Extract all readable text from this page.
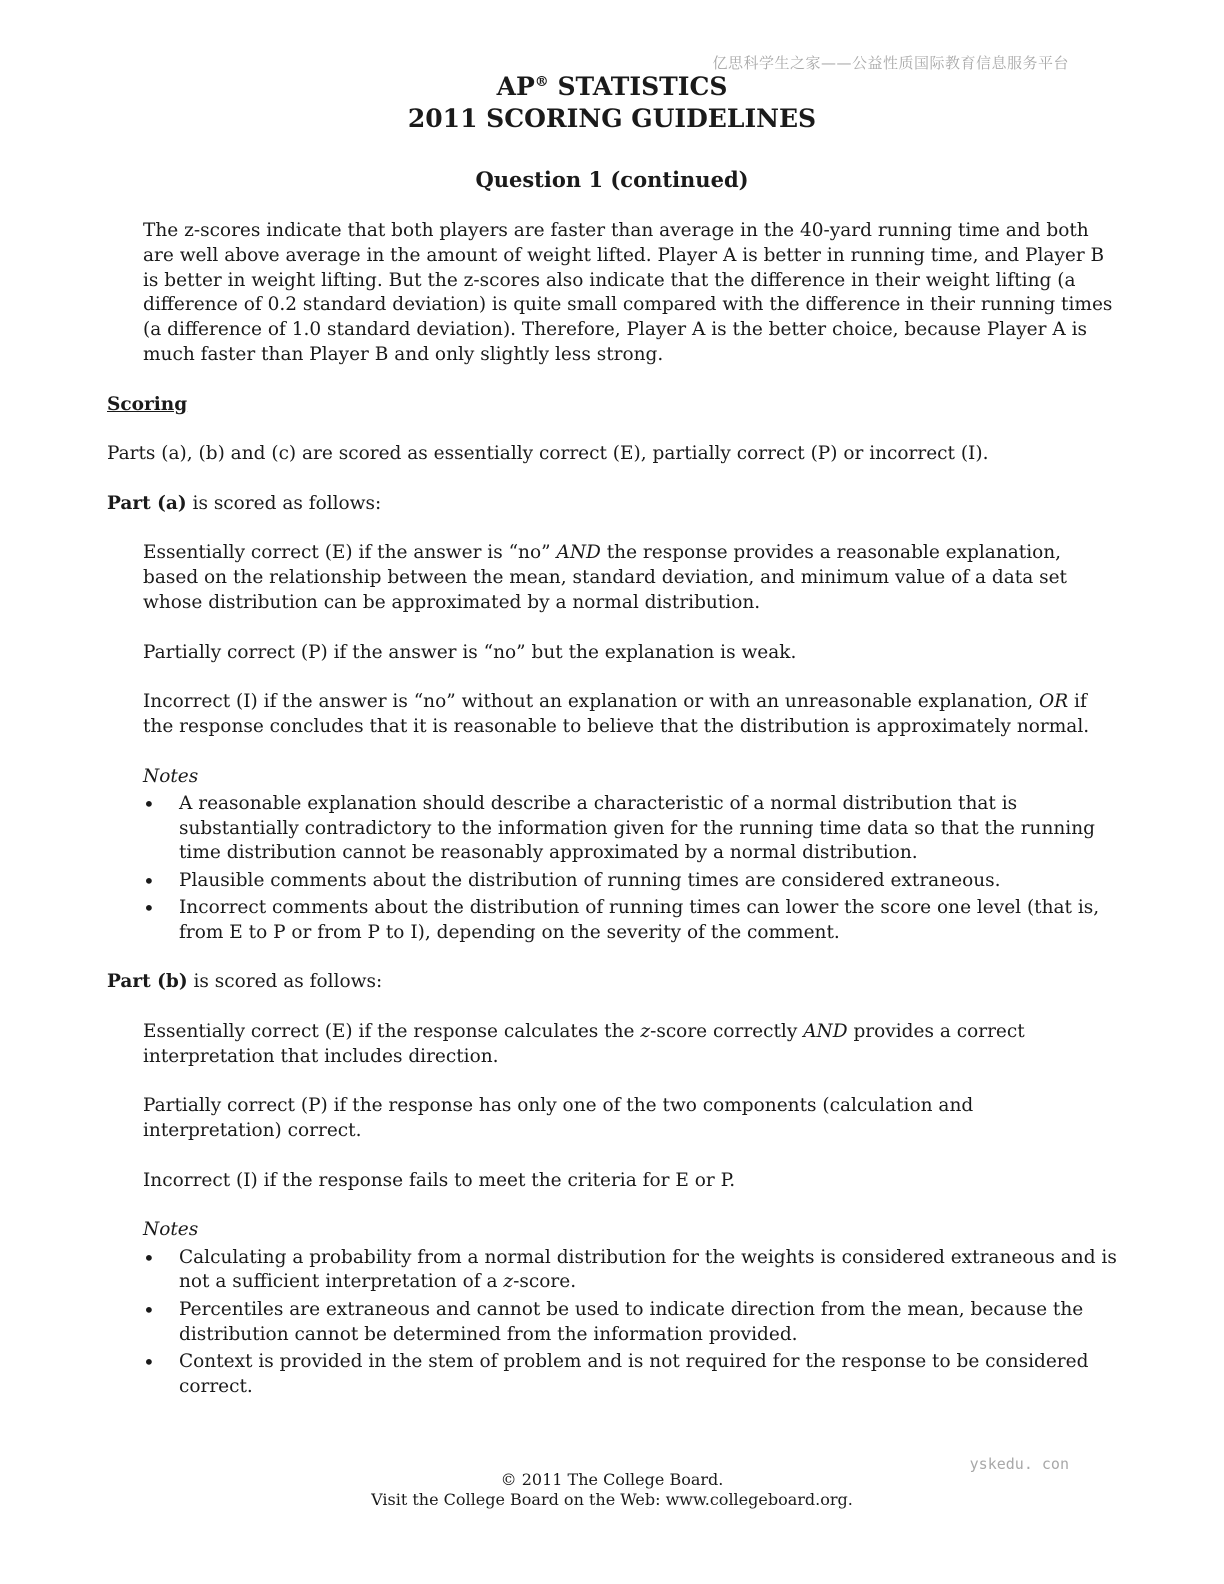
亿思科学生之家——公益性质国际教育信息服务平台
AP® STATISTICS
2011 SCORING GUIDELINES
Question 1 (continued)

The z-scores indicate that both players are faster than average in the 40-yard running time and both are well above average in the amount of weight lifted. Player A is better in running time, and Player B is better in weight lifting. But the z-scores also indicate that the difference in their weight lifting (a difference of 0.2 standard deviation) is quite small compared with the difference in their running times (a difference of 1.0 standard deviation). Therefore, Player A is the better choice, because Player A is much faster than Player B and only slightly less strong.

Scoring

Parts (a), (b) and (c) are scored as essentially correct (E), partially correct (P) or incorrect (I).

Part (a) is scored as follows:

Essentially correct (E) if the answer is “no” AND the response provides a reasonable explanation, based on the relationship between the mean, standard deviation, and minimum value of a data set whose distribution can be approximated by a normal distribution.

Partially correct (P) if the answer is “no” but the explanation is weak.

Incorrect (I) if the answer is “no” without an explanation or with an unreasonable explanation, OR if the response concludes that it is reasonable to believe that the distribution is approximately normal.

Notes

• A reasonable explanation should describe a characteristic of a normal distribution that is substantially contradictory to the information given for the running time data so that the running time distribution cannot be reasonably approximated by a normal distribution.
• Plausible comments about the distribution of running times are considered extraneous.
• Incorrect comments about the distribution of running times can lower the score one level (that is, from E to P or from P to I), depending on the severity of the comment.

Part (b) is scored as follows:

Essentially correct (E) if the response calculates the z-score correctly AND provides a correct interpretation that includes direction.

Partially correct (P) if the response has only one of the two components (calculation and interpretation) correct.

Incorrect (I) if the response fails to meet the criteria for E or P.

Notes

• Calculating a probability from a normal distribution for the weights is considered extraneous and is not a sufficient interpretation of a z-score.
• Percentiles are extraneous and cannot be used to indicate direction from the mean, because the distribution cannot be determined from the information provided.
• Context is provided in the stem of problem and is not required for the response to be considered correct.
yskedu. con
© 2011 The College Board.
Visit the College Board on the Web: www.collegeboard.org.
